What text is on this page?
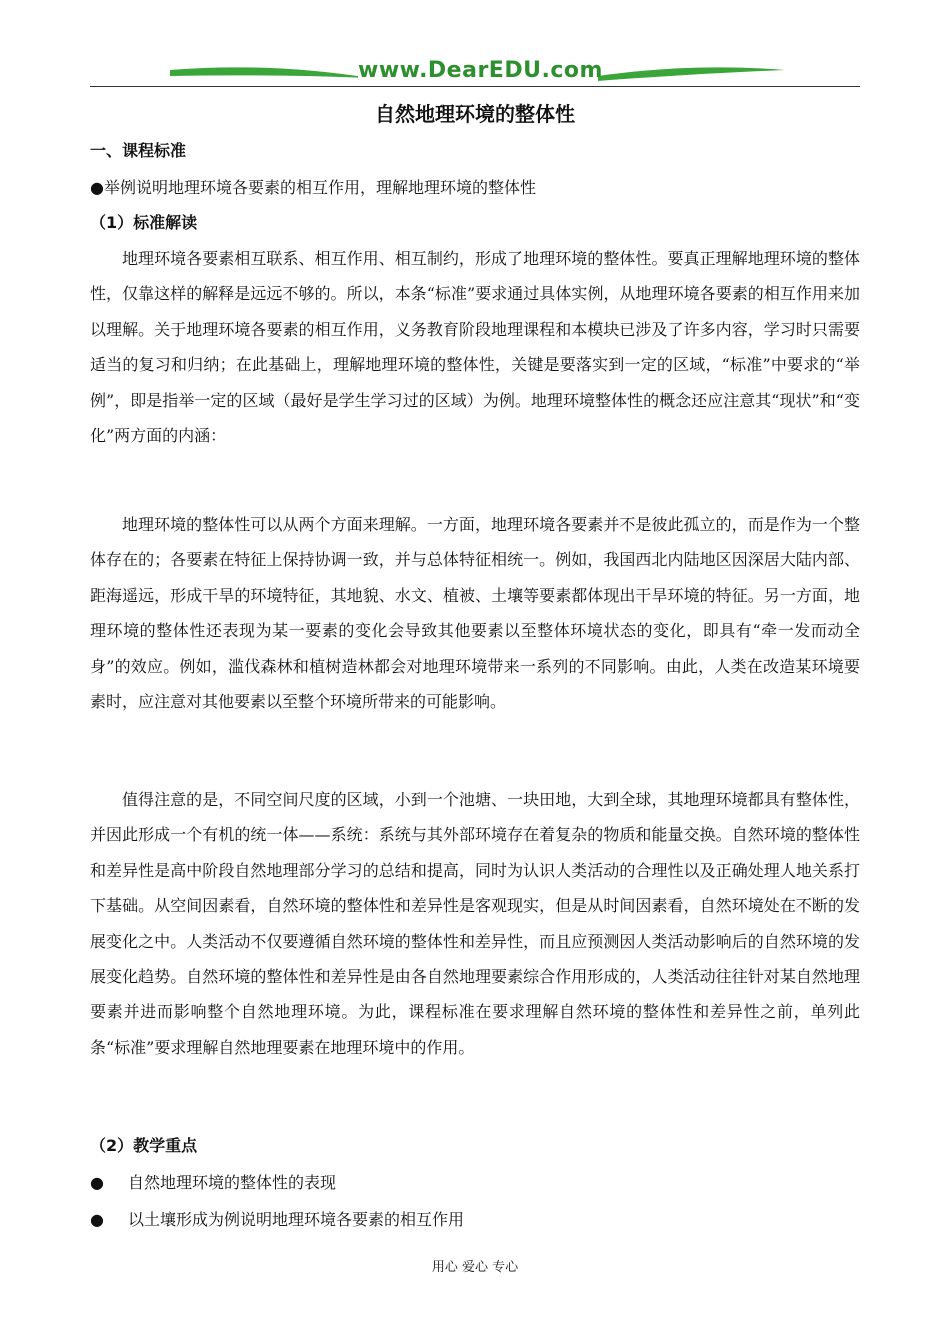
www.DearEDU.com
自然地理环境的整体性
一、课程标准
●举例说明地理环境各要素的相互作用，理解地理环境的整体性
（1）标准解读

地理环境各要素相互联系、相互作用、相互制约，形成了地理环境的整体性。要真正理解地理环境的整体性，仅靠这样的解释是远远不够的。所以，本条“标准”要求通过具体实例，从地理环境各要素的相互作用来加以理解。关于地理环境各要素的相互作用，义务教育阶段地理课程和本模块已涉及了许多内容，学习时只需要适当的复习和归纳；在此基础上，理解地理环境的整体性，关键是要落实到一定的区域，“标准”中要求的“举例”，即是指举一定的区域（最好是学生学习过的区域）为例。地理环境整体性的概念还应注意其“现状”和“变化”两方面的内涵：

地理环境的整体性可以从两个方面来理解。一方面，地理环境各要素并不是彼此孤立的，而是作为一个整体存在的；各要素在特征上保持协调一致，并与总体特征相统一。例如，我国西北内陆地区因深居大陆内部、距海遥远，形成干旱的环境特征，其地貌、水文、植被、土壤等要素都体现出干旱环境的特征。另一方面，地理环境的整体性还表现为某一要素的变化会导致其他要素以至整体环境状态的变化，即具有“牵一发而动全身”的效应。例如，滥伐森林和植树造林都会对地理环境带来一系列的不同影响。由此，人类在改造某环境要素时，应注意对其他要素以至整个环境所带来的可能影响。

值得注意的是，不同空间尺度的区域，小到一个池塘、一块田地，大到全球，其地理环境都具有整体性，并因此形成一个有机的统一体——系统：系统与其外部环境存在着复杂的物质和能量交换。自然环境的整体性和差异性是高中阶段自然地理部分学习的总结和提高，同时为认识人类活动的合理性以及正确处理人地关系打下基础。从空间因素看，自然环境的整体性和差异性是客观现实，但是从时间因素看，自然环境处在不断的发展变化之中。人类活动不仅要遵循自然环境的整体性和差异性，而且应预测因人类活动影响后的自然环境的发展变化趋势。自然环境的整体性和差异性是由各自然地理要素综合作用形成的，人类活动往往针对某自然地理要素并进而影响整个自然地理环境。为此，课程标准在要求理解自然环境的整体性和差异性之前，单列此条“标准”要求理解自然地理要素在地理环境中的作用。

（2）教学重点
● 自然地理环境的整体性的表现
● 以土壤形成为例说明地理环境各要素的相互作用
用心 爱心 专心
